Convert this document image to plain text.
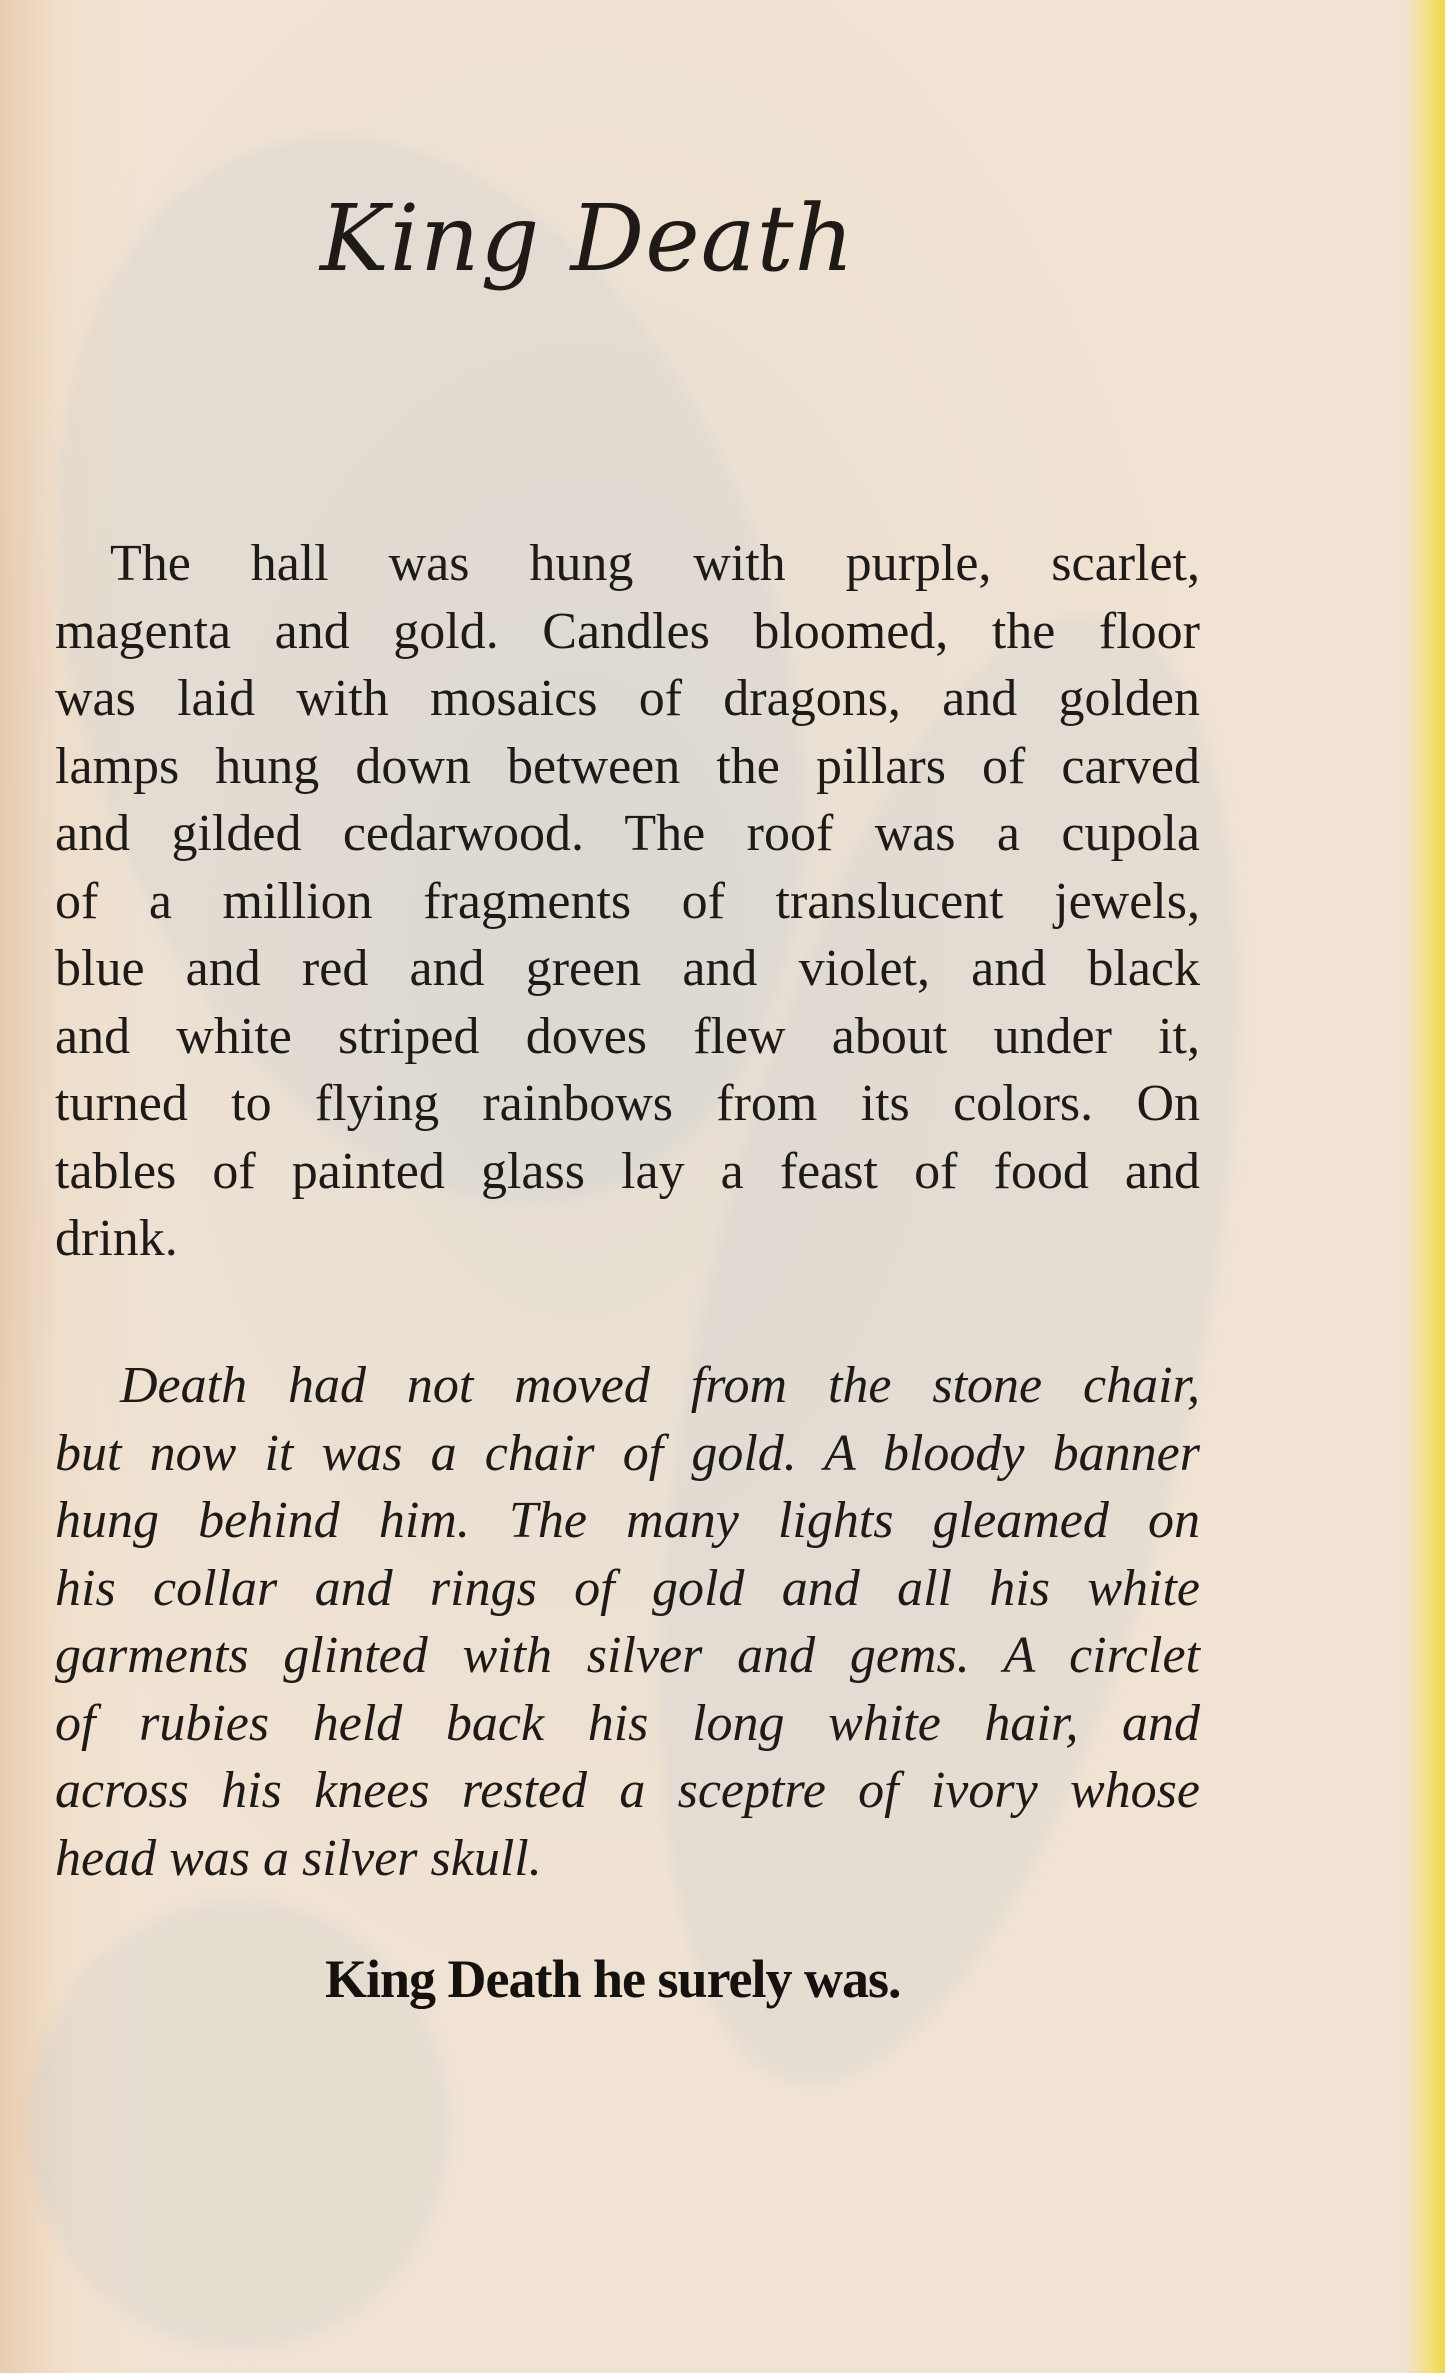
King Death

The hall was hung with purple, scarlet,
magenta and gold. Candles bloomed, the floor
was laid with mosaics of dragons, and golden
lamps hung down between the pillars of carved
and gilded cedarwood. The roof was a cupola
of a million fragments of translucent jewels,
blue and red and green and violet, and black
and white striped doves flew about under it,
turned to flying rainbows from its colors. On
tables of painted glass lay a feast of food and
drink.

Death had not moved from the stone chair,
but now it was a chair of gold. A bloody banner
hung behind him. The many lights gleamed on
his collar and rings of gold and all his white
garments glinted with silver and gems. A circlet
of rubies held back his long white hair, and
across his knees rested a sceptre of ivory whose
head was a silver skull.

King Death he surely was.
